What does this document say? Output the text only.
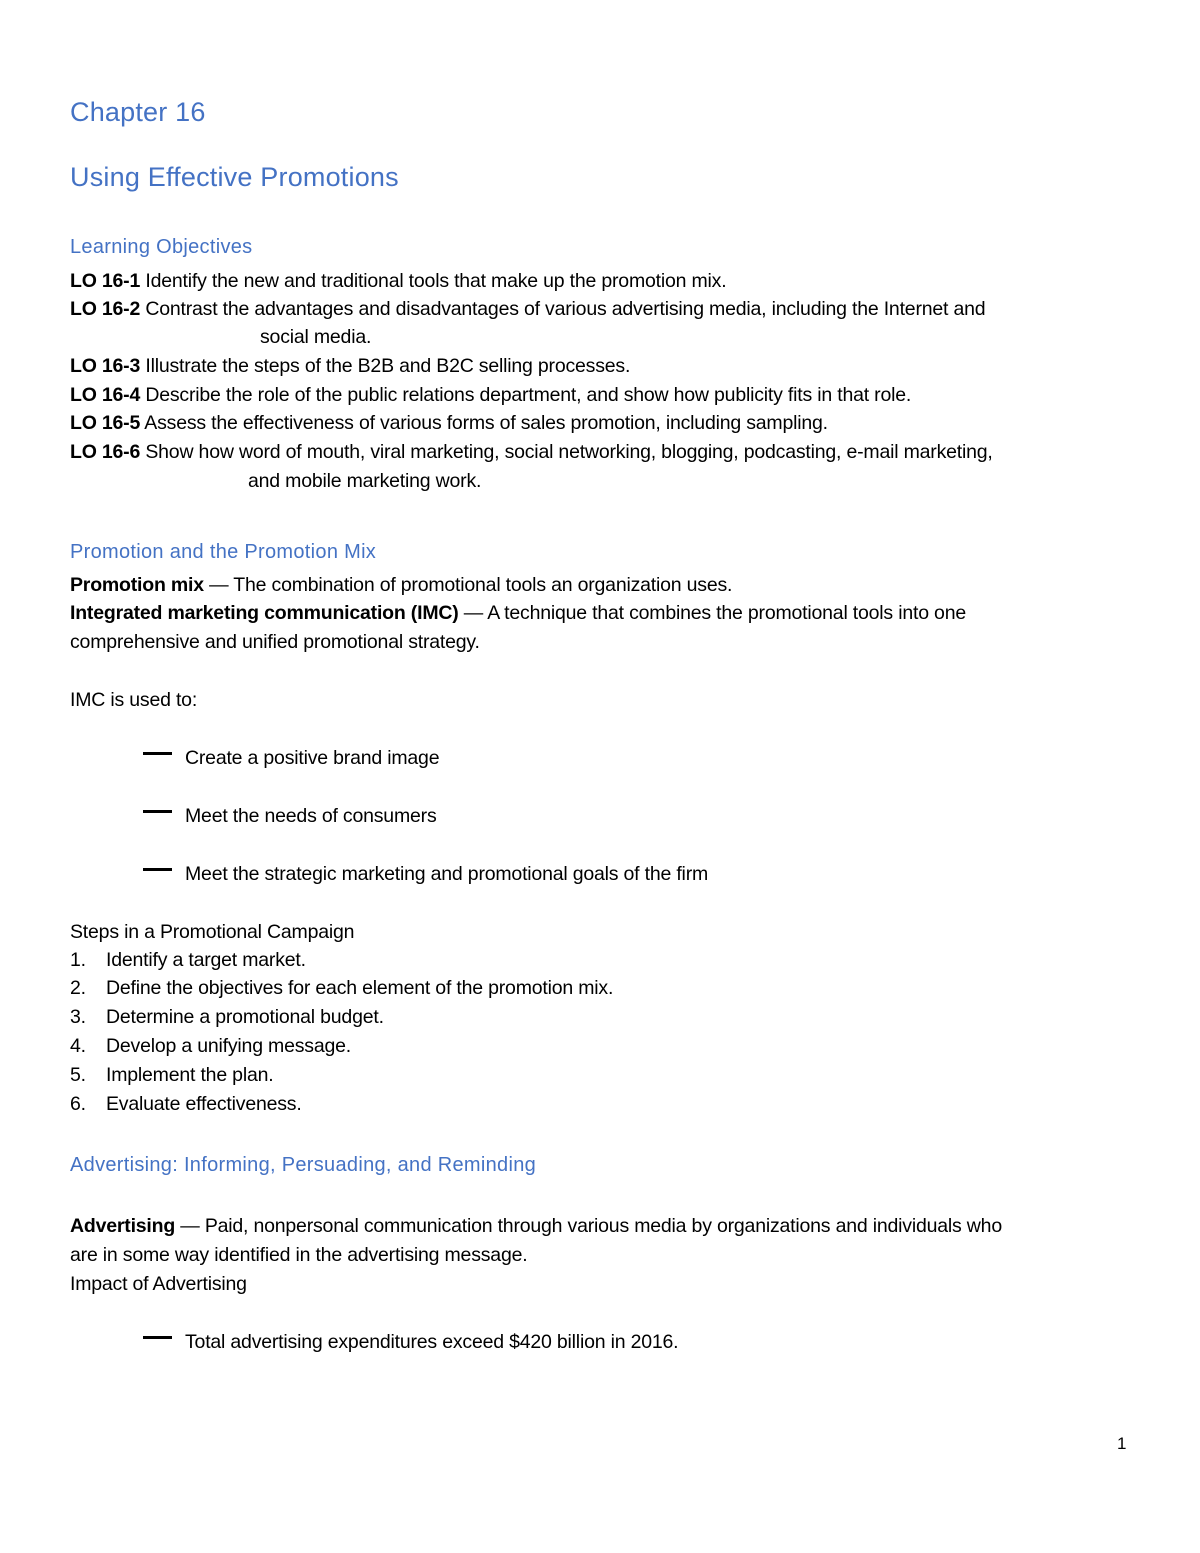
Chapter 16
Using Effective Promotions
Learning Objectives
LO 16-1 Identify the new and traditional tools that make up the promotion mix.
LO 16-2 Contrast the advantages and disadvantages of various advertising media, including the Internet and
social media.
LO 16-3 Illustrate the steps of the B2B and B2C selling processes.
LO 16-4 Describe the role of the public relations department, and show how publicity fits in that role.
LO 16-5 Assess the effectiveness of various forms of sales promotion, including sampling.
LO 16-6 Show how word of mouth, viral marketing, social networking, blogging, podcasting, e-mail marketing,
and mobile marketing work.
Promotion and the Promotion Mix
Promotion mix — The combination of promotional tools an organization uses.
Integrated marketing communication (IMC) — A technique that combines the promotional tools into one
comprehensive and unified promotional strategy.
IMC is used to:
Create a positive brand image
Meet the needs of consumers
Meet the strategic marketing and promotional goals of the firm
Steps in a Promotional Campaign
1. Identify a target market.
2. Define the objectives for each element of the promotion mix.
3. Determine a promotional budget.
4. Develop a unifying message.
5. Implement the plan.
6. Evaluate effectiveness.
Advertising: Informing, Persuading, and Reminding
Advertising — Paid, nonpersonal communication through various media by organizations and individuals who
are in some way identified in the advertising message.
Impact of Advertising
Total advertising expenditures exceed $420 billion in 2016.
1
